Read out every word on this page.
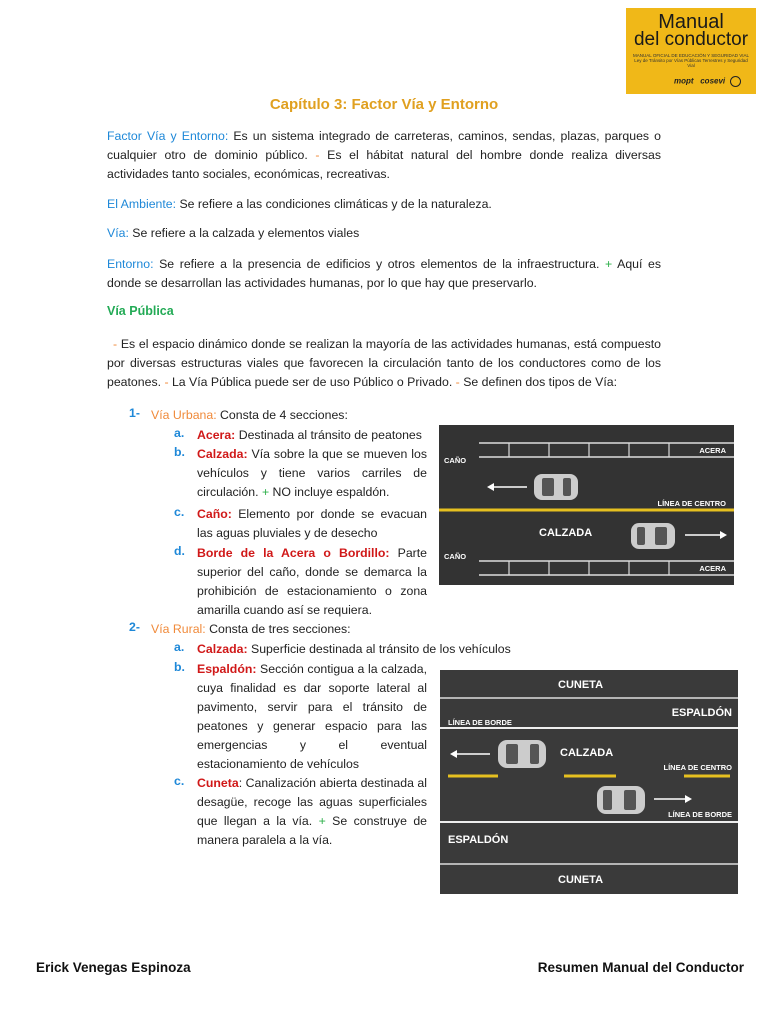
Manual
del conductor
MANUAL OFICIAL DE EDUCACIÓN Y SEGURIDAD VIAL
Ley de Tránsito por Vías Públicas Terrestres y Seguridad Vial
mopt cosevi
Capítulo 3: Factor Vía y Entorno

Factor Vía y Entorno: Es un sistema integrado de carreteras, caminos, sendas, plazas, parques o cualquier otro de dominio público. - Es el hábitat natural del hombre donde realiza diversas actividades tanto sociales, económicas, recreativas.

El Ambiente: Se refiere a las condiciones climáticas y de la naturaleza.

Vía: Se refiere a la calzada y elementos viales

Entorno: Se refiere a la presencia de edificios y otros elementos de la infraestructura. + Aquí es donde se desarrollan las actividades humanas, por lo que hay que preservarlo.

Vía Pública

- Es el espacio dinámico donde se realizan la mayoría de las actividades humanas, está compuesto por diversas estructuras viales que favorecen la circulación tanto de los conductores como de los peatones. - La Vía Pública puede ser de uso Público o Privado. - Se definen dos tipos de Vía:

1- Vía Urbana: Consta de 4 secciones:
a. Acera: Destinada al tránsito de peatones
b. Calzada: Vía sobre la que se mueven los vehículos y tiene varios carriles de circulación. + NO incluye espaldón.
c. Caño: Elemento por donde se evacuan las aguas pluviales y de desecho
d. Borde de la Acera o Bordillo: Parte superior del caño, donde se demarca la prohibición de estacionamiento o zona amarilla cuando así se requiera.
2- Vía Rural: Consta de tres secciones:
a. Calzada: Superficie destinada al tránsito de los vehículos
b. Espaldón: Sección contigua a la calzada, cuya finalidad es dar soporte lateral al pavimento, servir para el tránsito de peatones y generar espacio para las emergencias y el eventual estacionamiento de vehículos
c. Cuneta: Canalización abierta destinada al desagüe, recoge las aguas superficiales que llegan a la vía. + Se construye de manera paralela a la vía.
ACERA
CAÑO
LÍNEA DE CENTRO
CALZADA
CAÑO
ACERA
CUNETA
ESPALDÓN
LÍNEA DE BORDE
CALZADA
LÍNEA DE CENTRO
LÍNEA DE BORDE
ESPALDÓN
CUNETA
Erick Venegas Espinoza	Resumen Manual del Conductor
